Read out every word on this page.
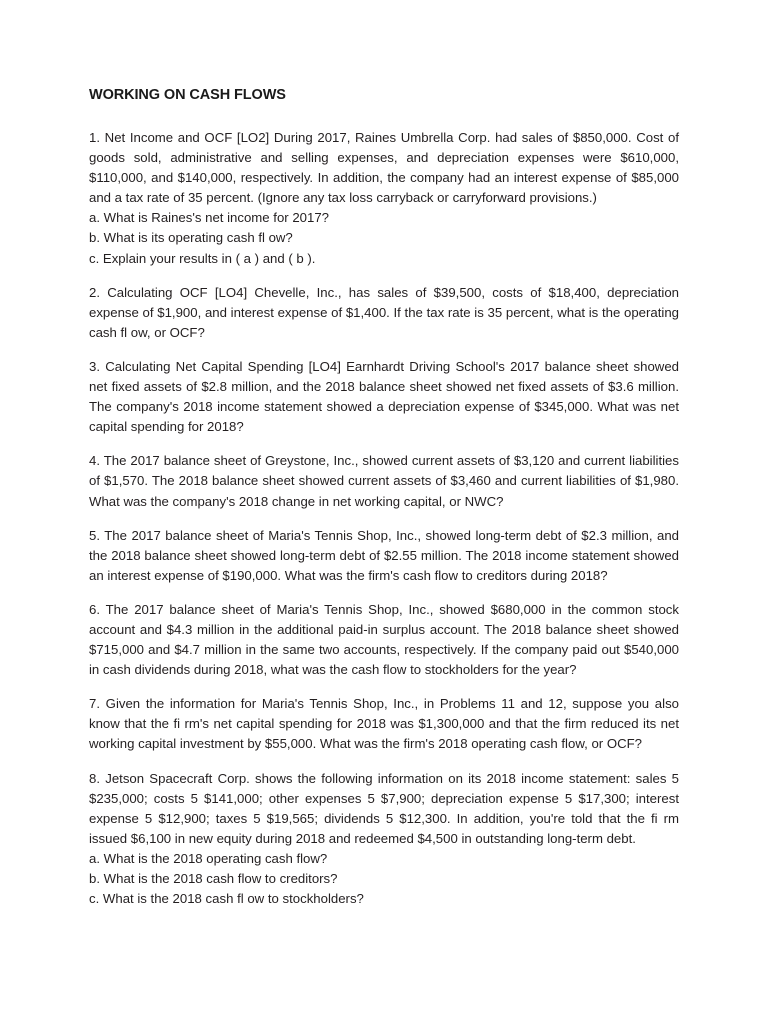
WORKING ON CASH FLOWS

1. Net Income and OCF [LO2] During 2017, Raines Umbrella Corp. had sales of $850,000. Cost of goods sold, administrative and selling expenses, and depreciation expenses were $610,000, $110,000, and $140,000, respectively. In addition, the company had an interest expense of $85,000 and a tax rate of 35 percent. (Ignore any tax loss carryback or carryforward provisions.)

a. What is Raines's net income for 2017?
b. What is its operating cash fl ow?
c. Explain your results in ( a ) and ( b ).

2. Calculating OCF [LO4] Chevelle, Inc., has sales of $39,500, costs of $18,400, depreciation expense of $1,900, and interest expense of $1,400. If the tax rate is 35 percent, what is the operating cash fl ow, or OCF?

3. Calculating Net Capital Spending [LO4] Earnhardt Driving School's 2017 balance sheet showed net fixed assets of $2.8 million, and the 2018 balance sheet showed net fixed assets of $3.6 million. The company's 2018 income statement showed a depreciation expense of $345,000. What was net capital spending for 2018?

4. The 2017 balance sheet of Greystone, Inc., showed current assets of $3,120 and current liabilities of $1,570. The 2018 balance sheet showed current assets of $3,460 and current liabilities of $1,980. What was the company's 2018 change in net working capital, or NWC?

5. The 2017 balance sheet of Maria's Tennis Shop, Inc., showed long-term debt of $2.3 million, and the 2018 balance sheet showed long-term debt of $2.55 million. The 2018 income statement showed an interest expense of $190,000. What was the firm's cash flow to creditors during 2018?

6. The 2017 balance sheet of Maria's Tennis Shop, Inc., showed $680,000 in the common stock account and $4.3 million in the additional paid-in surplus account. The 2018 balance sheet showed $715,000 and $4.7 million in the same two accounts, respectively. If the company paid out $540,000 in cash dividends during 2018, what was the cash flow to stockholders for the year?

7. Given the information for Maria's Tennis Shop, Inc., in Problems 11 and 12, suppose you also know that the fi rm's net capital spending for 2018 was $1,300,000 and that the firm reduced its net working capital investment by $55,000. What was the firm's 2018 operating cash flow, or OCF?

8. Jetson Spacecraft Corp. shows the following information on its 2018 income statement: sales 5 $235,000; costs 5 $141,000; other expenses 5 $7,900; depreciation expense 5 $17,300; interest expense 5 $12,900; taxes 5 $19,565; dividends 5 $12,300. In addition, you're told that the fi rm issued $6,100 in new equity during 2018 and redeemed $4,500 in outstanding long-term debt.

a. What is the 2018 operating cash flow?
b. What is the 2018 cash flow to creditors?
c. What is the 2018 cash fl ow to stockholders?
